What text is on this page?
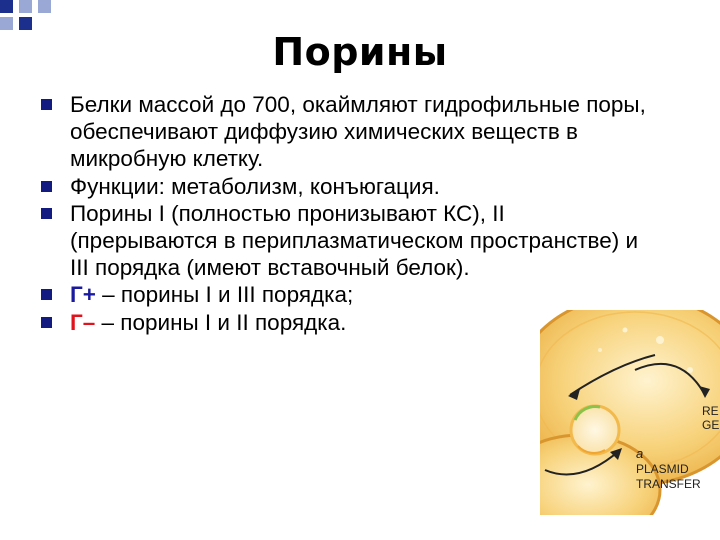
Порины
Белки массой до 700, окаймляют гидрофильные поры, обеспечивают диффузию химических веществ в микробную клетку.
Функции: метаболизм, конъюгация.
Порины I (полностью пронизывают КС), II (прерываются в периплазматическом пространстве) и III порядка (имеют вставочный белок).
Г+ – порины I и III порядка;
Г– – порины I и II порядка.
a
PLASMID
TRANSFER
RE
GE
